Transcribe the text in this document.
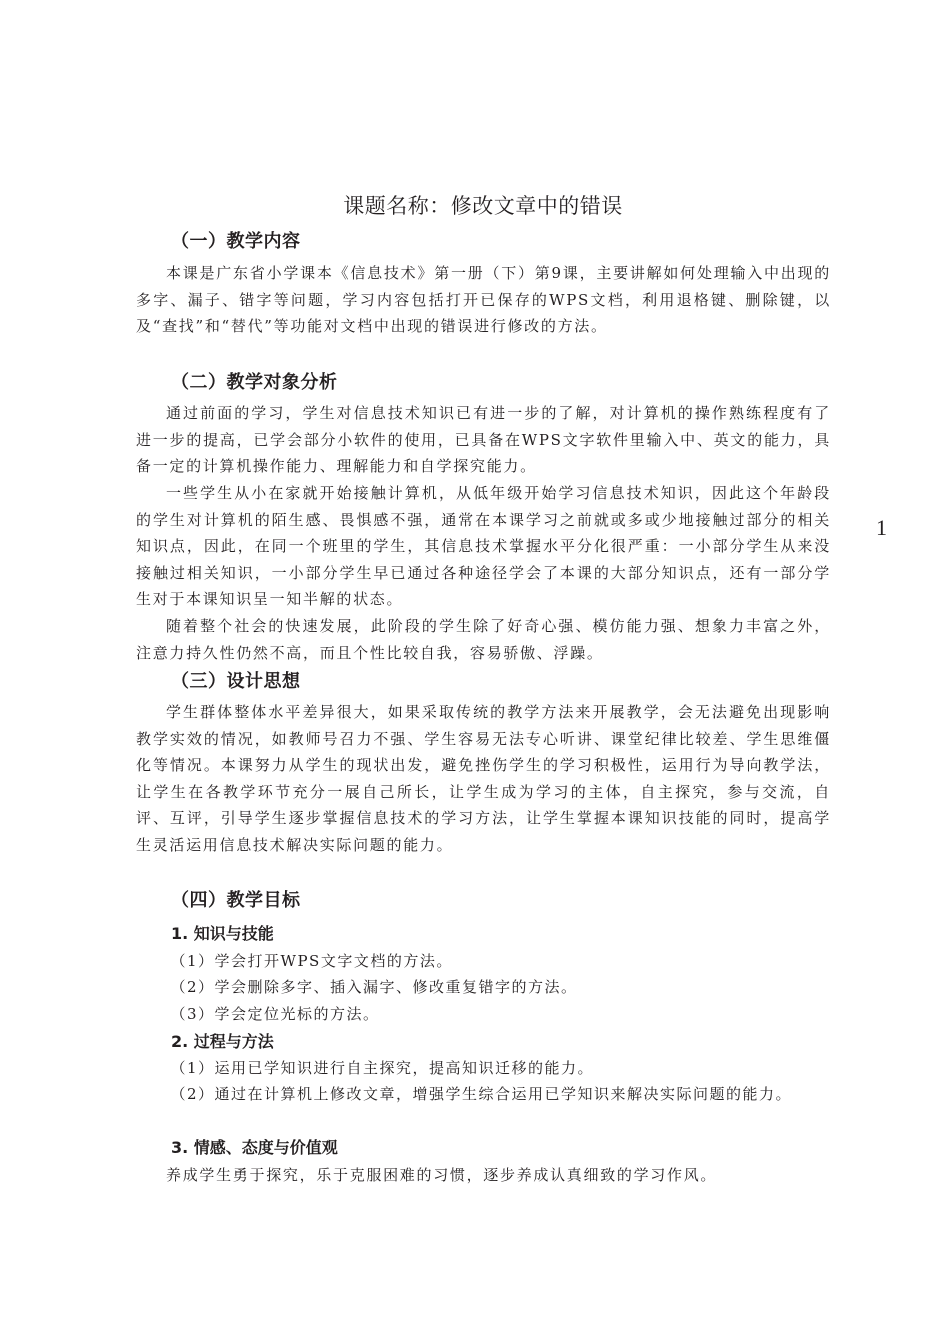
课题名称：修改文章中的错误
（一）教学内容

本课是广东省小学课本《信息技术》第一册（下）第9课，主要讲解如何处理输入中出现的多字、漏子、错字等问题，学习内容包括打开已保存的WPS文档，利用退格键、删除键，以及“查找”和“替代”等功能对文档中出现的错误进行修改的方法。

（二）教学对象分析

通过前面的学习，学生对信息技术知识已有进一步的了解，对计算机的操作熟练程度有了进一步的提高，已学会部分小软件的使用，已具备在WPS文字软件里输入中、英文的能力，具备一定的计算机操作能力、理解能力和自学探究能力。

一些学生从小在家就开始接触计算机，从低年级开始学习信息技术知识，因此这个年龄段的学生对计算机的陌生感、畏惧感不强，通常在本课学习之前就或多或少地接触过部分的相关知识点，因此，在同一个班里的学生，其信息技术掌握水平分化很严重：一小部分学生从来没接触过相关知识，一小部分学生早已通过各种途径学会了本课的大部分知识点，还有一部分学生对于本课知识呈一知半解的状态。

随着整个社会的快速发展，此阶段的学生除了好奇心强、模仿能力强、想象力丰富之外，注意力持久性仍然不高，而且个性比较自我，容易骄傲、浮躁。

（三）设计思想

学生群体整体水平差异很大，如果采取传统的教学方法来开展教学，会无法避免出现影响教学实效的情况，如教师号召力不强、学生容易无法专心听讲、课堂纪律比较差、学生思维僵化等情况。本课努力从学生的现状出发，避免挫伤学生的学习积极性，运用行为导向教学法，让学生在各教学环节充分一展自己所长，让学生成为学习的主体，自主探究，参与交流，自评、互评，引导学生逐步掌握信息技术的学习方法，让学生掌握本课知识技能的同时，提高学生灵活运用信息技术解决实际问题的能力。

（四）教学目标
1. 知识与技能

（1）学会打开WPS文字文档的方法。

（2）学会删除多字、插入漏字、修改重复错字的方法。

（3）学会定位光标的方法。

2. 过程与方法

（1）运用已学知识进行自主探究，提高知识迁移的能力。

（2）通过在计算机上修改文章，增强学生综合运用已学知识来解决实际问题的能力。

3. 情感、态度与价值观

养成学生勇于探究，乐于克服困难的习惯，逐步养成认真细致的学习作风。

1
